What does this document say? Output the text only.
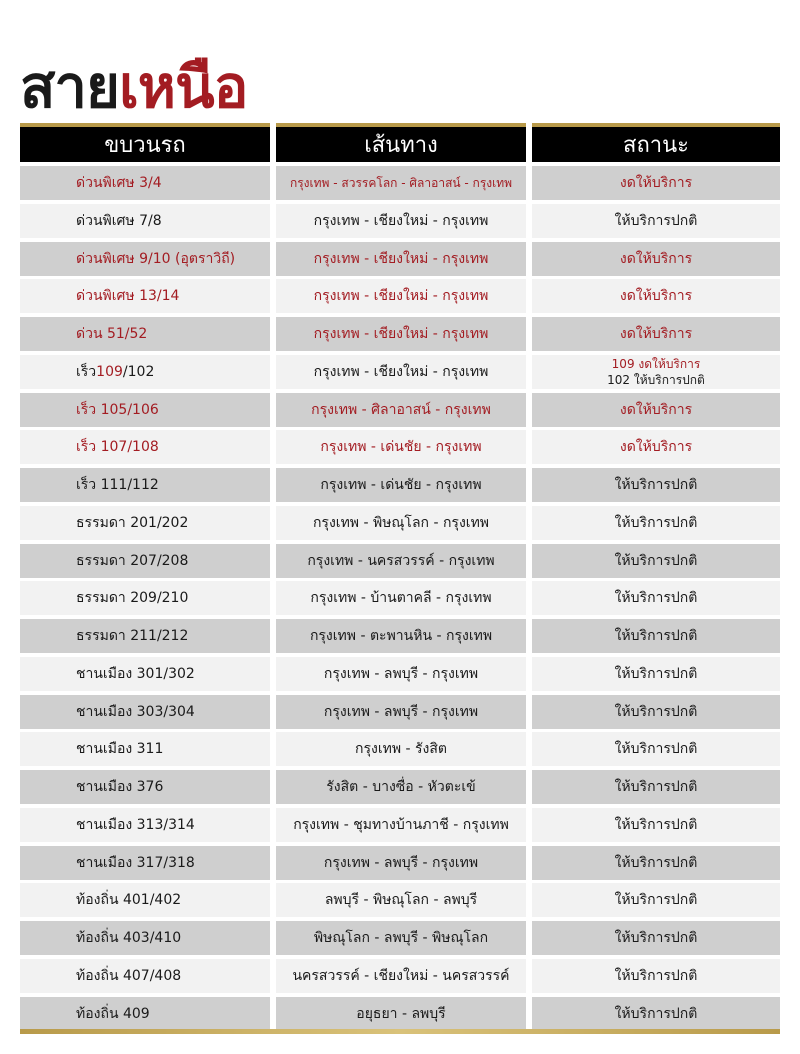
สายเหนือ
ขบวนรถ	เส้นทาง	สถานะ
ด่วนพิเศษ 3/4	กรุงเทพ - สวรรคโลก - ศิลาอาสน์ - กรุงเทพ	งดให้บริการ
ด่วนพิเศษ 7/8	กรุงเทพ - เชียงใหม่ - กรุงเทพ	ให้บริการปกติ
ด่วนพิเศษ 9/10 (อุตราวิถี)	กรุงเทพ - เชียงใหม่ - กรุงเทพ	งดให้บริการ
ด่วนพิเศษ 13/14	กรุงเทพ - เชียงใหม่ - กรุงเทพ	งดให้บริการ
ด่วน 51/52	กรุงเทพ - เชียงใหม่ - กรุงเทพ	งดให้บริการ
เร็ว 109 /102	กรุงเทพ - เชียงใหม่ - กรุงเทพ	109 งดให้บริการ
102 ให้บริการปกติ
เร็ว 105/106	กรุงเทพ - ศิลาอาสน์ - กรุงเทพ	งดให้บริการ
เร็ว 107/108	กรุงเทพ - เด่นชัย - กรุงเทพ	งดให้บริการ
เร็ว 111/112	กรุงเทพ - เด่นชัย - กรุงเทพ	ให้บริการปกติ
ธรรมดา 201/202	กรุงเทพ - พิษณุโลก - กรุงเทพ	ให้บริการปกติ
ธรรมดา 207/208	กรุงเทพ - นครสวรรค์ - กรุงเทพ	ให้บริการปกติ
ธรรมดา 209/210	กรุงเทพ - บ้านตาคลี - กรุงเทพ	ให้บริการปกติ
ธรรมดา 211/212	กรุงเทพ - ตะพานหิน - กรุงเทพ	ให้บริการปกติ
ชานเมือง 301/302	กรุงเทพ - ลพบุรี - กรุงเทพ	ให้บริการปกติ
ชานเมือง 303/304	กรุงเทพ - ลพบุรี - กรุงเทพ	ให้บริการปกติ
ชานเมือง 311	กรุงเทพ - รังสิต	ให้บริการปกติ
ชานเมือง 376	รังสิต - บางซื่อ - หัวตะเข้	ให้บริการปกติ
ชานเมือง 313/314	กรุงเทพ - ชุมทางบ้านภาชี - กรุงเทพ	ให้บริการปกติ
ชานเมือง 317/318	กรุงเทพ - ลพบุรี - กรุงเทพ	ให้บริการปกติ
ท้องถิ่น 401/402	ลพบุรี - พิษณุโลก - ลพบุรี	ให้บริการปกติ
ท้องถิ่น 403/410	พิษณุโลก - ลพบุรี - พิษณุโลก	ให้บริการปกติ
ท้องถิ่น 407/408	นครสวรรค์ - เชียงใหม่ - นครสวรรค์	ให้บริการปกติ
ท้องถิ่น 409	อยุธยา - ลพบุรี	ให้บริการปกติ
